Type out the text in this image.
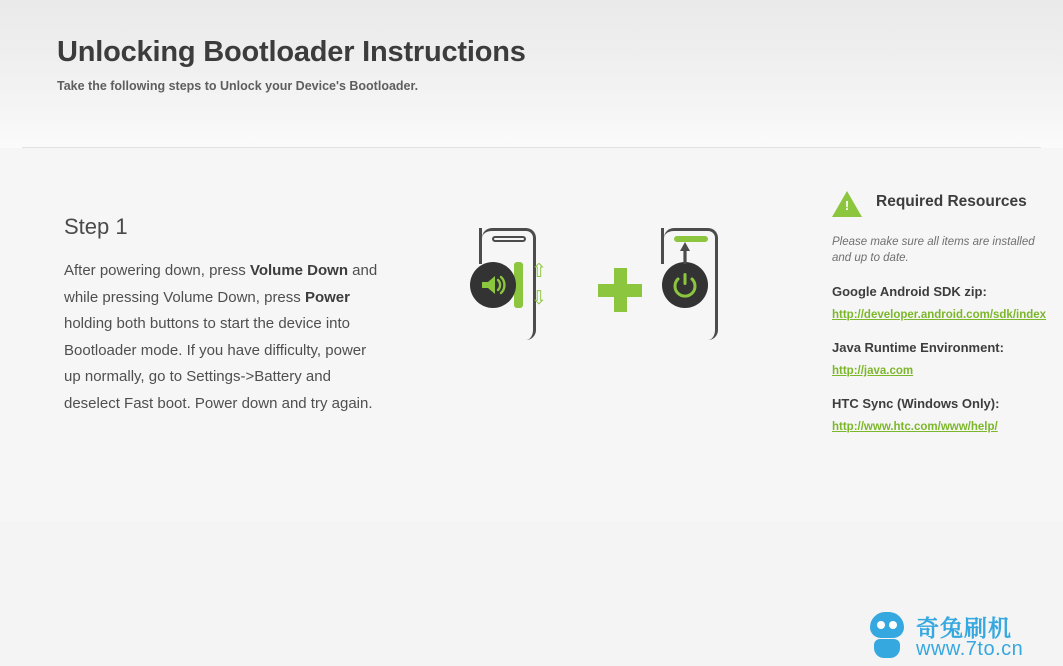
Unlocking Bootloader Instructions
Take the following steps to Unlock your Device's Bootloader.
Step 1
After powering down, press Volume Down and while pressing Volume Down, press Power holding both buttons to start the device into Bootloader mode. If you have difficulty, power up normally, go to Settings->Battery and deselect Fast boot. Power down and try again.
⇧
⇩
! Required Resources
Please make sure all items are installed and up to date.
Google Android SDK zip:
http://developer.android.com/sdk/index
Java Runtime Environment:
http://java.com
HTC Sync (Windows Only):
http://www.htc.com/www/help/
奇兔刷机
www.7to.cn
